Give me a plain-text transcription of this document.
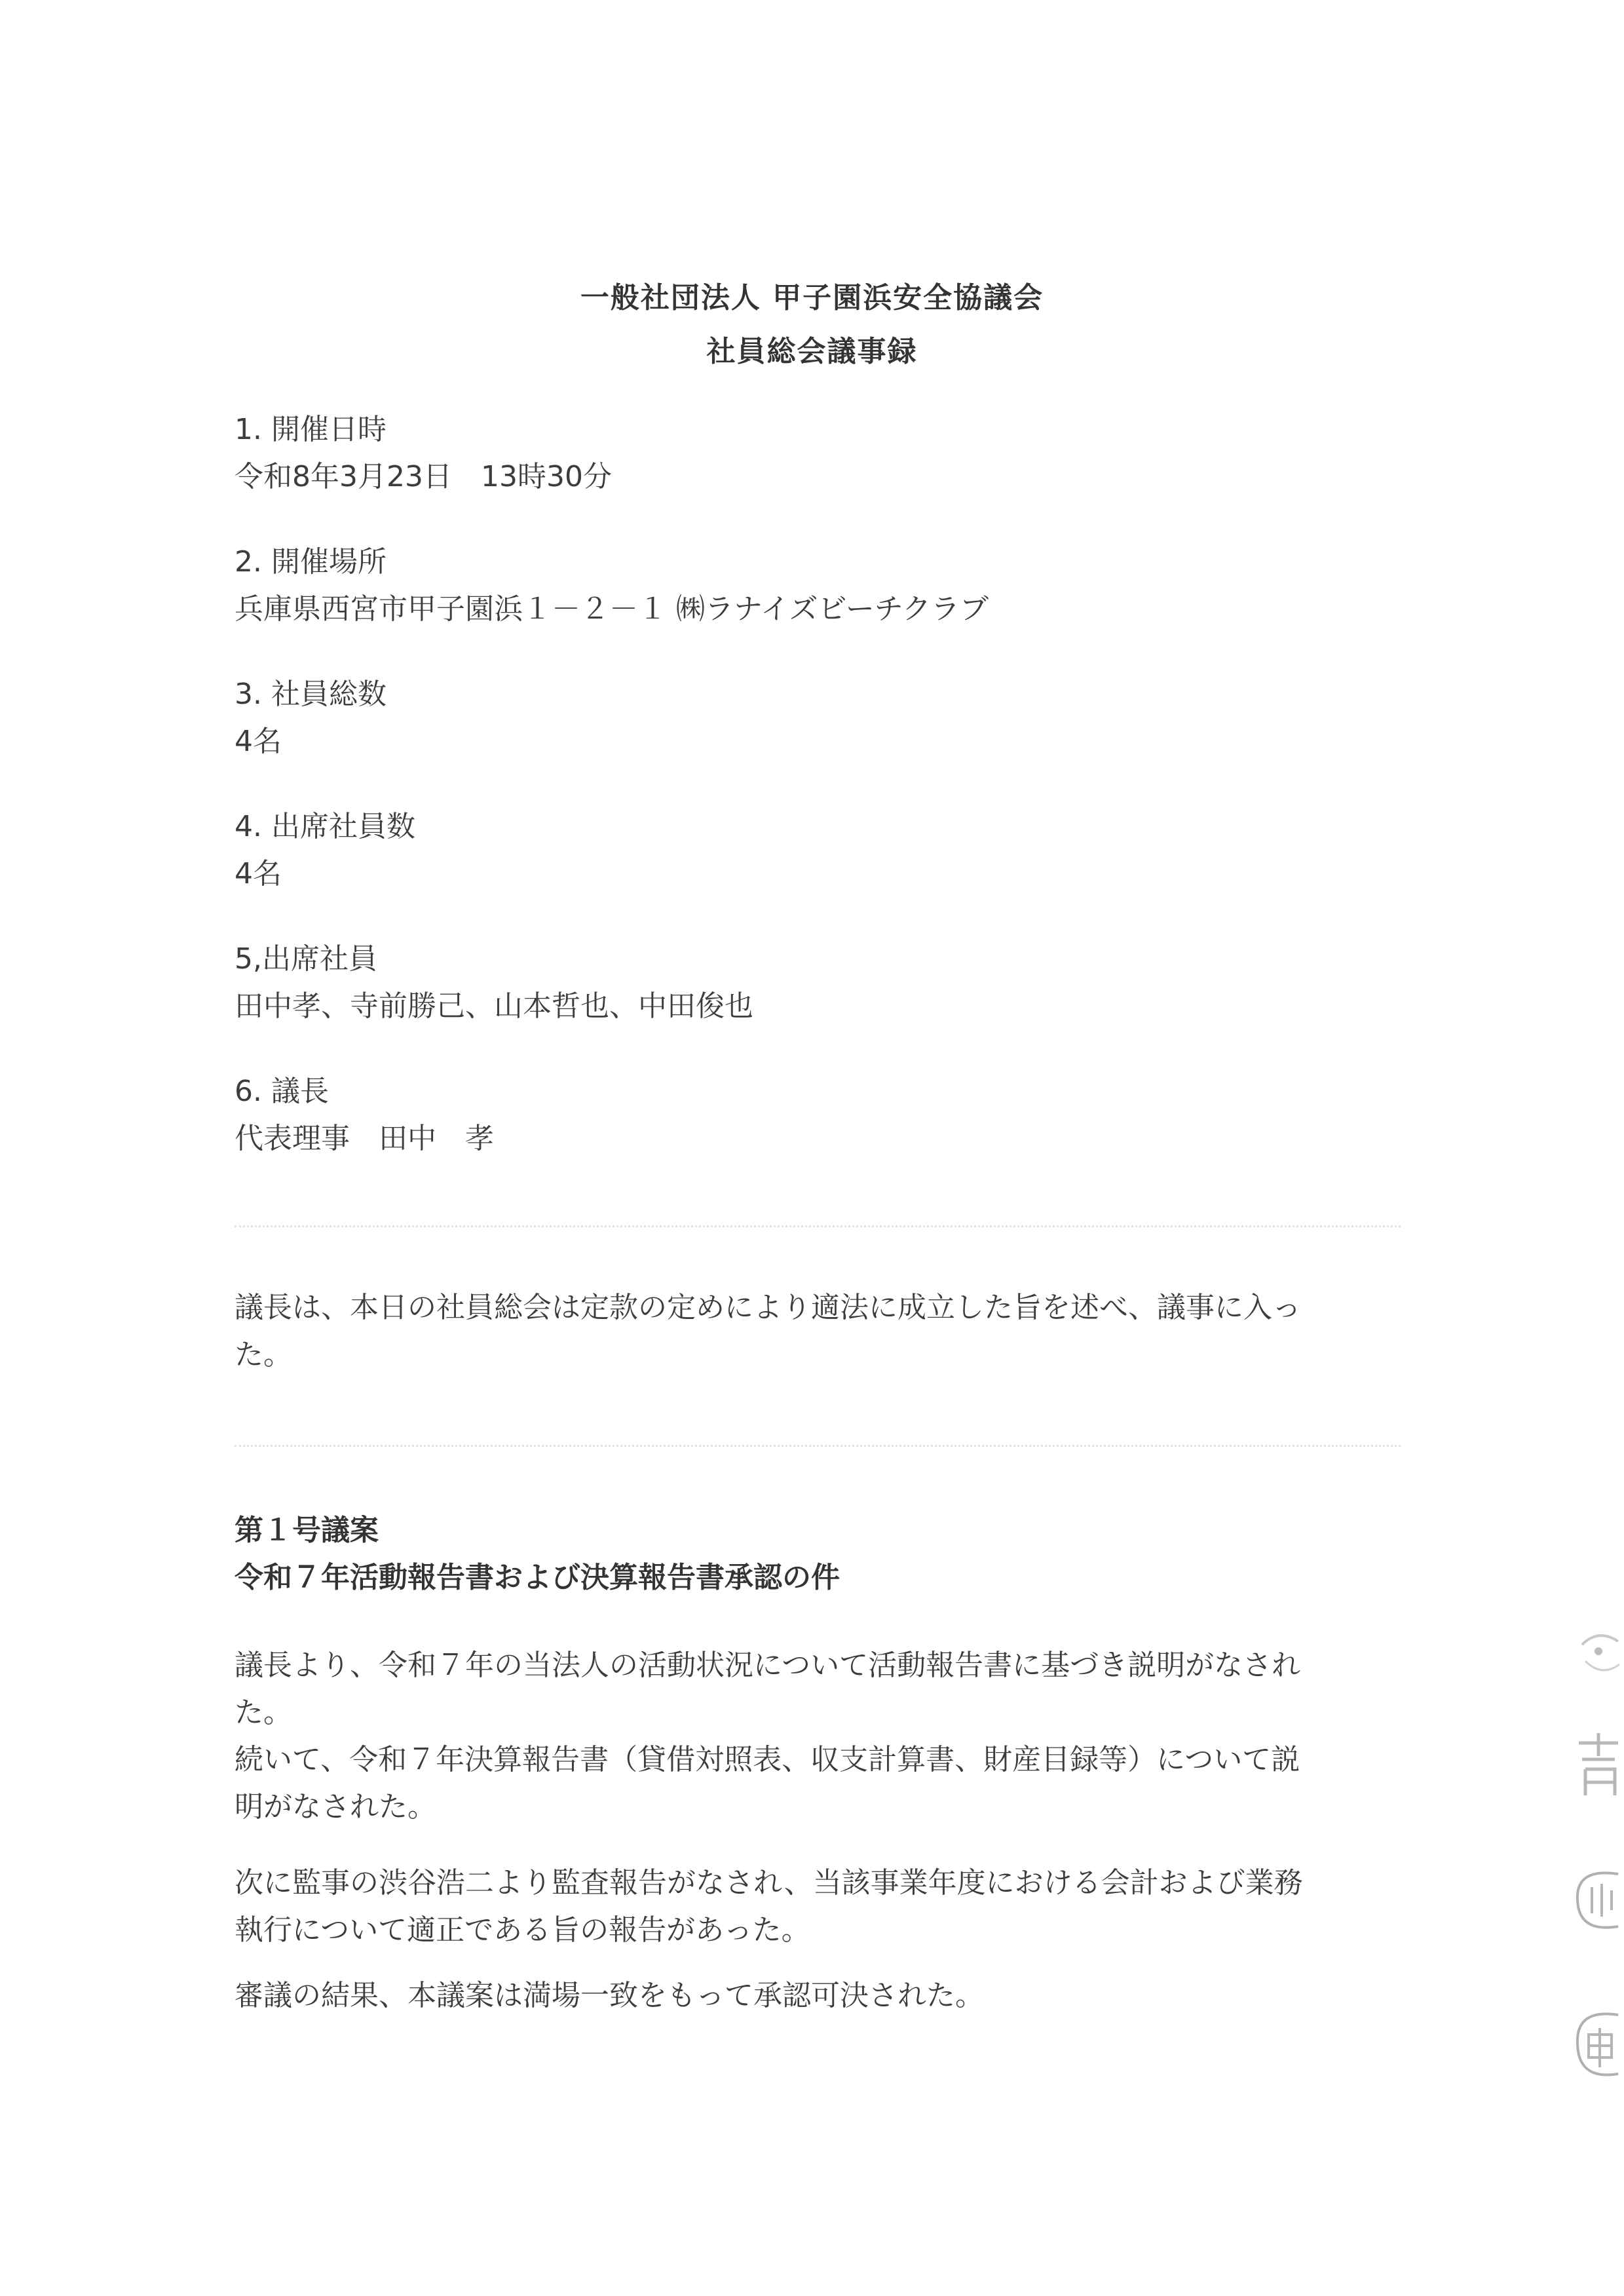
一般社団法人 甲子園浜安全協議会
社員総会議事録
1. 開催日時
令和8年3月23日　13時30分
2. 開催場所
兵庫県西宮市甲子園浜１－２－１ ㈱ラナイズビーチクラブ
3. 社員総数
4名
4. 出席社員数
4名
5,出席社員
田中孝、寺前勝己、山本哲也、中田俊也
6. 議長
代表理事　田中　孝
議長は、本日の社員総会は定款の定めにより適法に成立した旨を述べ、議事に入っ
た。
第１号議案
令和７年活動報告書および決算報告書承認の件
議長より、令和７年の当法人の活動状況について活動報告書に基づき説明がなされ
た。
続いて、令和７年決算報告書（貸借対照表、収支計算書、財産目録等）について説
明がなされた。
次に監事の渋谷浩二より監査報告がなされ、当該事業年度における会計および業務
執行について適正である旨の報告があった。
審議の結果、本議案は満場一致をもって承認可決された。
